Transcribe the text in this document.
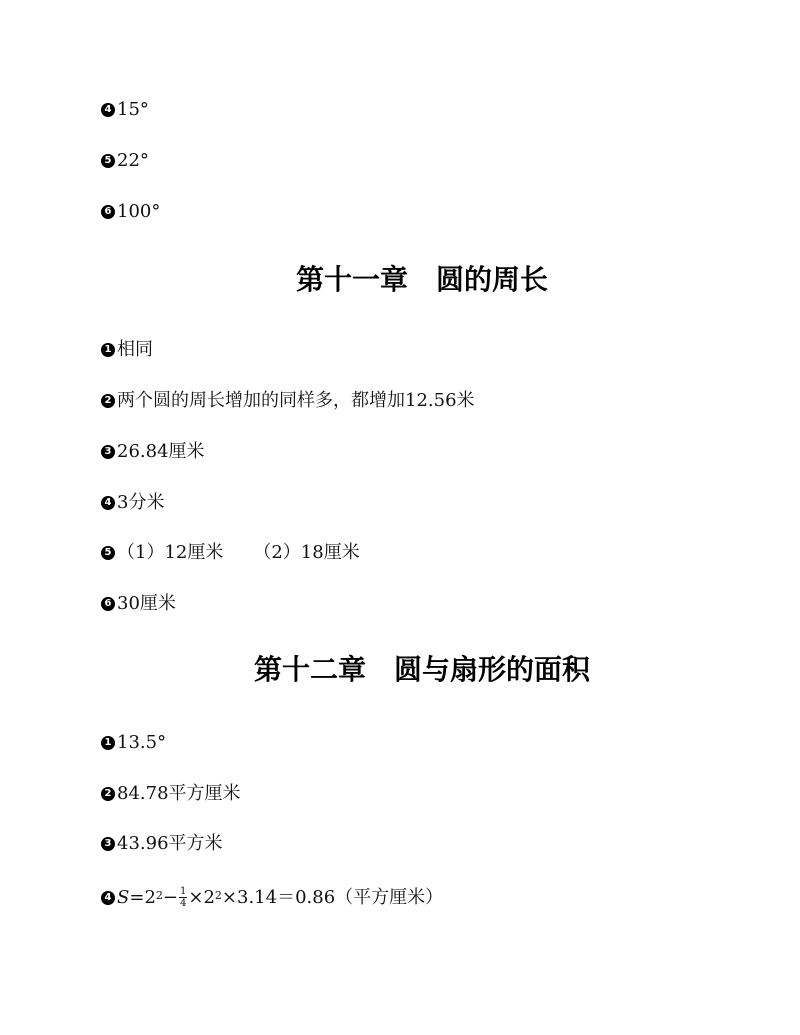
4 15°
5 22°
6 100°
第十一章　圆的周长
1 相同
2 两个圆的周长增加的同样多，都增加12.56米
3 26.84厘米
4 3分米
5 （1）12厘米 （2）18厘米
6 30厘米
第十二章　圆与扇形的面积
1 13.5°
2 84.78平方厘米
3 43.96平方米
4 $S = 2^2 - \frac{1}{4} \times 2^2 \times 3.14=0.86$（平方厘米）
